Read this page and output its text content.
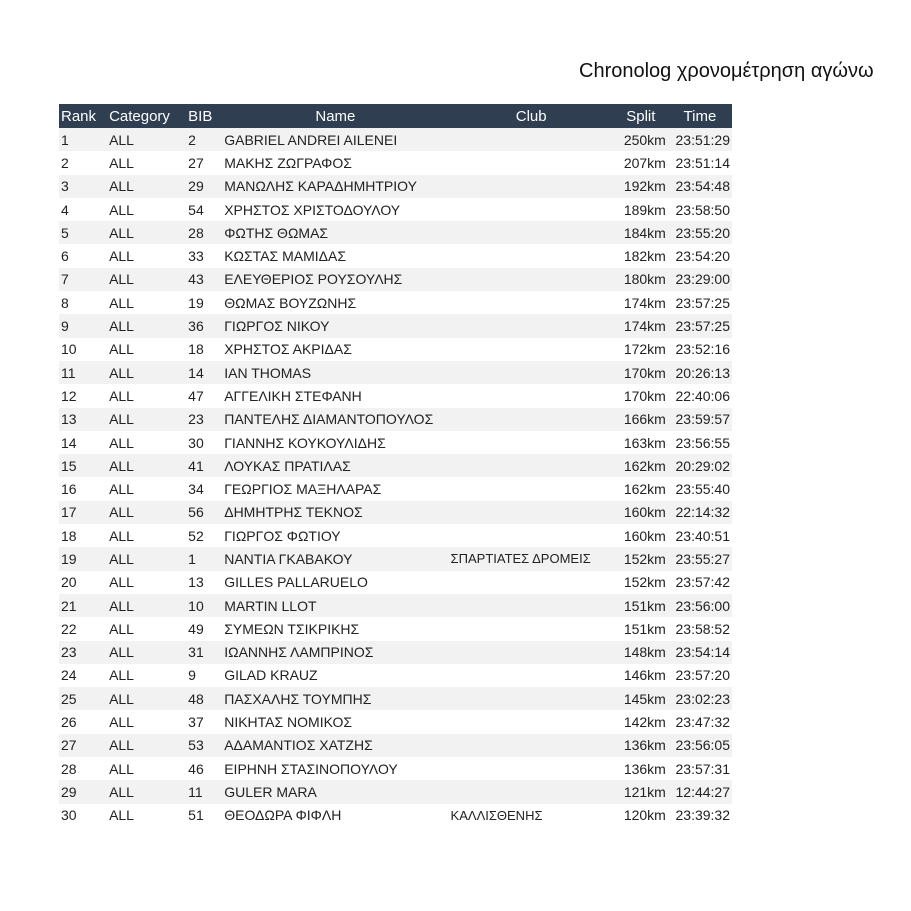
Chronolog χρονομέτρηση αγώνω
Rank	Category	BIB	Name	Club	Split	Time
1	ALL	2	GABRIEL ANDREI AILENEI		250km	23:51:29
2	ALL	27	ΜΑΚΗΣ ΖΩΓΡΑΦΟΣ		207km	23:51:14
3	ALL	29	ΜΑΝΩΛΗΣ ΚΑΡΑΔΗΜΗΤΡΙΟΥ		192km	23:54:48
4	ALL	54	ΧΡΗΣΤΟΣ ΧΡΙΣΤΟΔΟΥΛΟΥ		189km	23:58:50
5	ALL	28	ΦΩΤΗΣ ΘΩΜΑΣ		184km	23:55:20
6	ALL	33	ΚΩΣΤΑΣ ΜΑΜΙΔΑΣ		182km	23:54:20
7	ALL	43	ΕΛΕΥΘΕΡΙΟΣ ΡΟΥΣΟΥΛΗΣ		180km	23:29:00
8	ALL	19	ΘΩΜΑΣ ΒΟΥΖΩΝΗΣ		174km	23:57:25
9	ALL	36	ΓΙΩΡΓΟΣ ΝΙΚΟΥ		174km	23:57:25
10	ALL	18	ΧΡΗΣΤΟΣ ΑΚΡΙΔΑΣ		172km	23:52:16
11	ALL	14	IAN THOMAS		170km	20:26:13
12	ALL	47	ΑΓΓΕΛΙΚΗ ΣΤΕΦΑΝΗ		170km	22:40:06
13	ALL	23	ΠΑΝΤΕΛΗΣ ΔΙΑΜΑΝΤΟΠΟΥΛΟΣ		166km	23:59:57
14	ALL	30	ΓΙΑΝΝΗΣ ΚΟΥΚΟΥΛΙΔΗΣ		163km	23:56:55
15	ALL	41	ΛΟΥΚΑΣ ΠΡΑΤΙΛΑΣ		162km	20:29:02
16	ALL	34	ΓΕΩΡΓΙΟΣ ΜΑΞΗΛΑΡΑΣ		162km	23:55:40
17	ALL	56	ΔΗΜΗΤΡΗΣ ΤΕΚΝΟΣ		160km	22:14:32
18	ALL	52	ΓΙΩΡΓΟΣ ΦΩΤΙΟΥ		160km	23:40:51
19	ALL	1	ΝΑΝΤΙΑ ΓΚΑΒΑΚΟΥ	ΣΠΑΡΤΙΑΤΕΣ ΔΡΟΜΕΙΣ	152km	23:55:27
20	ALL	13	GILLES PALLARUELO		152km	23:57:42
21	ALL	10	MARTIN LLOT		151km	23:56:00
22	ALL	49	ΣΥΜΕΩΝ ΤΣΙΚΡΙΚΗΣ		151km	23:58:52
23	ALL	31	ΙΩΑΝΝΗΣ ΛΑΜΠΡΙΝΟΣ		148km	23:54:14
24	ALL	9	GILAD KRAUZ		146km	23:57:20
25	ALL	48	ΠΑΣΧΑΛΗΣ ΤΟΥΜΠΗΣ		145km	23:02:23
26	ALL	37	ΝΙΚΗΤΑΣ ΝΟΜΙΚΟΣ		142km	23:47:32
27	ALL	53	ΑΔΑΜΑΝΤΙΟΣ ΧΑΤΖΗΣ		136km	23:56:05
28	ALL	46	ΕΙΡΗΝΗ ΣΤΑΣΙΝΟΠΟΥΛΟΥ		136km	23:57:31
29	ALL	11	GULER MARA		121km	12:44:27
30	ALL	51	ΘΕΟΔΩΡΑ ΦΙΦΛΗ	ΚΑΛΛΙΣΘΕΝΗΣ	120km	23:39:32
